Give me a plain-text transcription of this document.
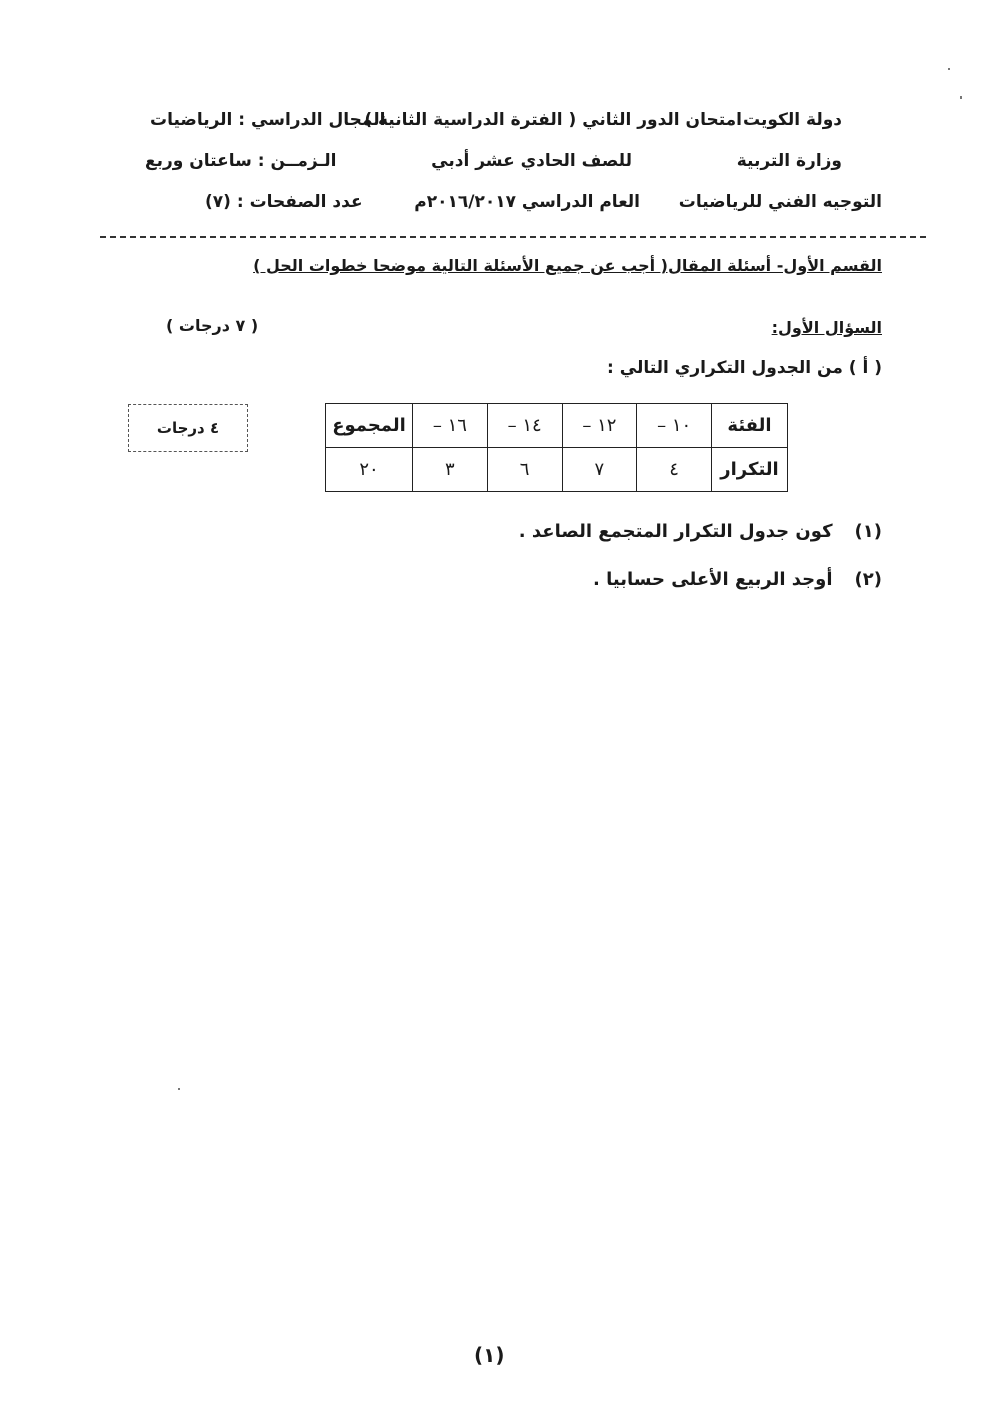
دولة الكويت
امتحان الدور الثاني ( الفترة الدراسية الثانية )
المجال الدراسي : الرياضيات
وزارة التربية
للصف الحادي عشر أدبي
الـزمــن : ساعتان وربع
التوجيه الفني للرياضيات
العام الدراسي ٢٠١٦/٢٠١٧م
عدد الصفحات : (٧)
القسم الأول- أسئلة المقال( أجب عن جميع الأسئلة التالية موضحا خطوات الحل )
السؤال الأول:
( ٧ درجات )
( أ ) من الجدول التكراري التالي :
٤ درجات	الفئة	١٠ –	١٢ –	١٤ –	١٦ –	المجموع
التكرار	٤	٧	٦	٣	٢٠
(١)كون جدول التكرار المتجمع الصاعد .
(٢)أوجد الربيع الأعلى حسابيا .
(١)
